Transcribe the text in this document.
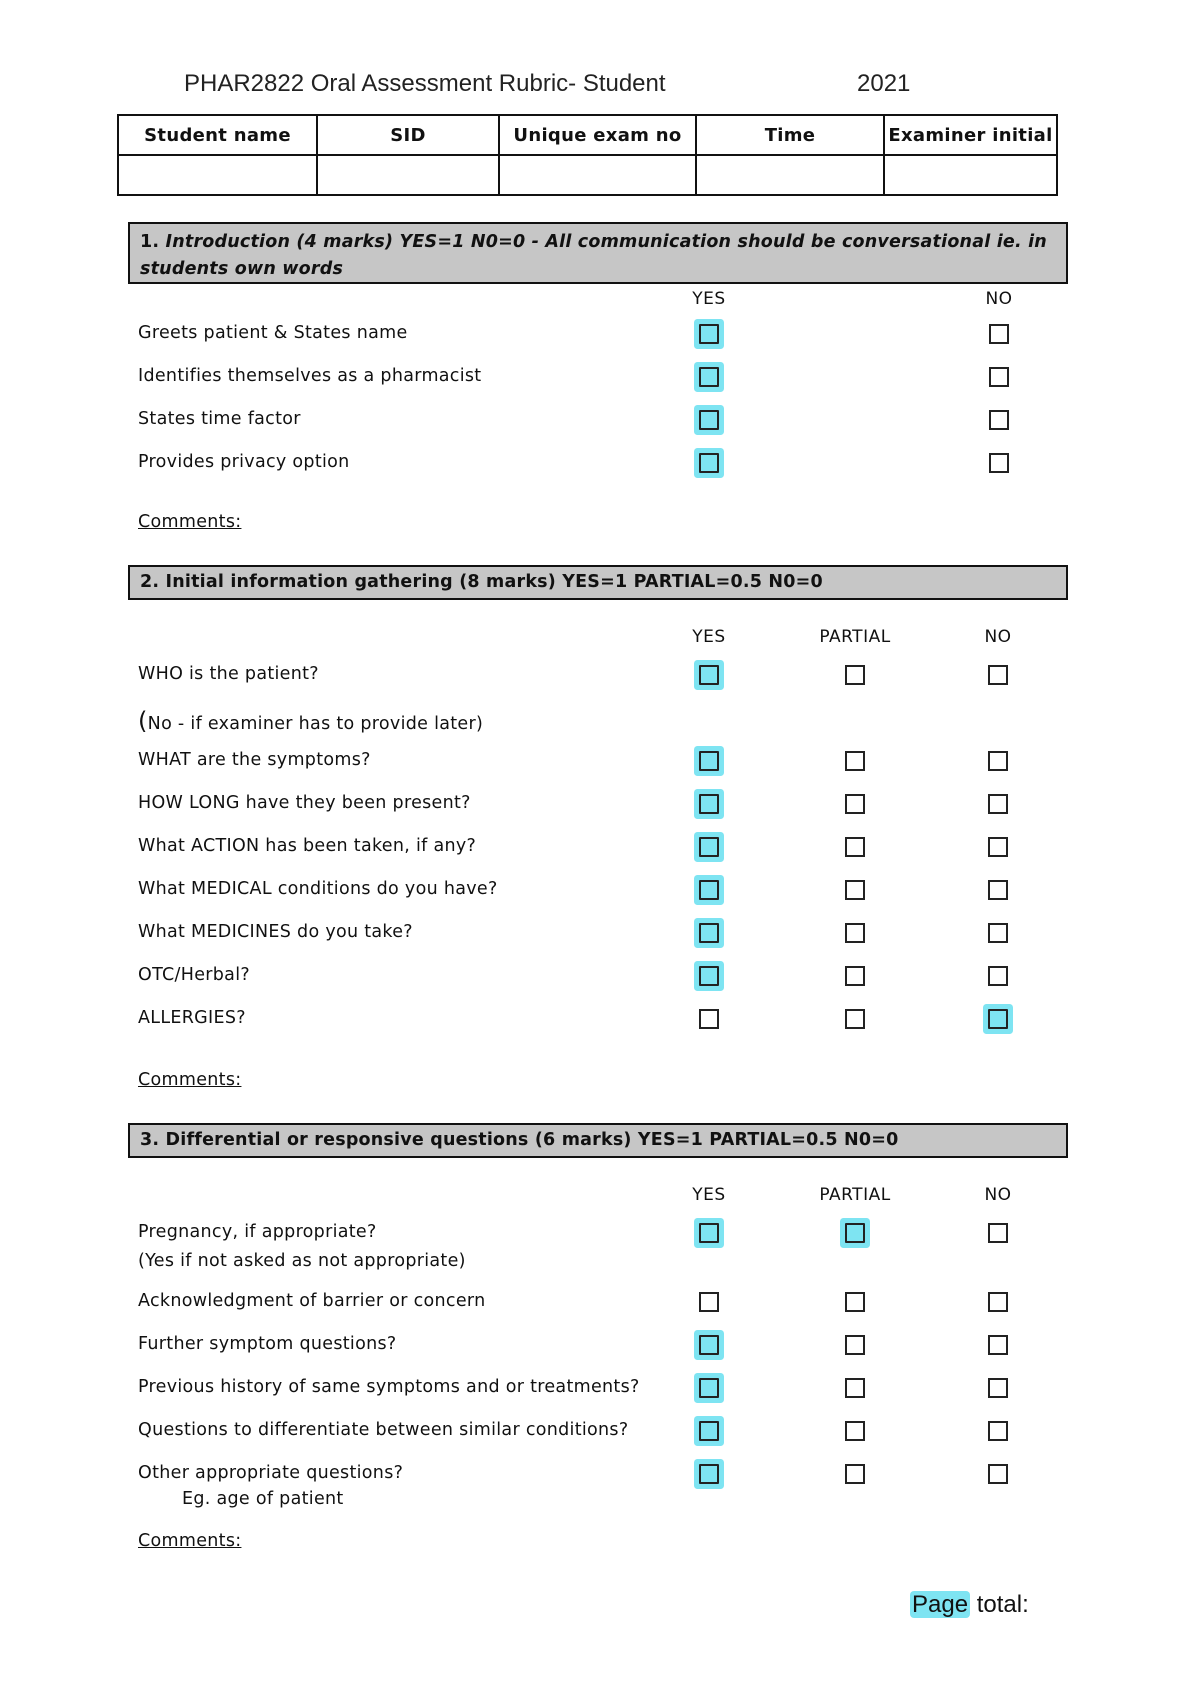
PHAR2822 Oral Assessment Rubric- Student	2021
Student name	SID	Unique exam no	Time	Examiner initial

1. Introduction (4 marks) YES=1 N0=0 - All communication should be conversational ie. in students own words
YES	NO
Greets patient & States name
Identifies themselves as a pharmacist
States time factor
Provides privacy option
Comments:
2. Initial information gathering (8 marks) YES=1 PARTIAL=0.5 N0=0
YES	PARTIAL	NO
WHO is the patient?
(No - if examiner has to provide later)
WHAT are the symptoms?
HOW LONG have they been present?
What ACTION has been taken, if any?
What MEDICAL conditions do you have?
What MEDICINES do you take?
OTC/Herbal?
ALLERGIES?
Comments:
3. Differential or responsive questions (6 marks) YES=1 PARTIAL=0.5 N0=0
YES	PARTIAL	NO
Pregnancy, if appropriate?
(Yes if not asked as not appropriate)
Acknowledgment of barrier or concern
Further symptom questions?
Previous history of same symptoms and or treatments?
Questions to differentiate between similar conditions?
Other appropriate questions?
Eg. age of patient
Comments:
Page total:
